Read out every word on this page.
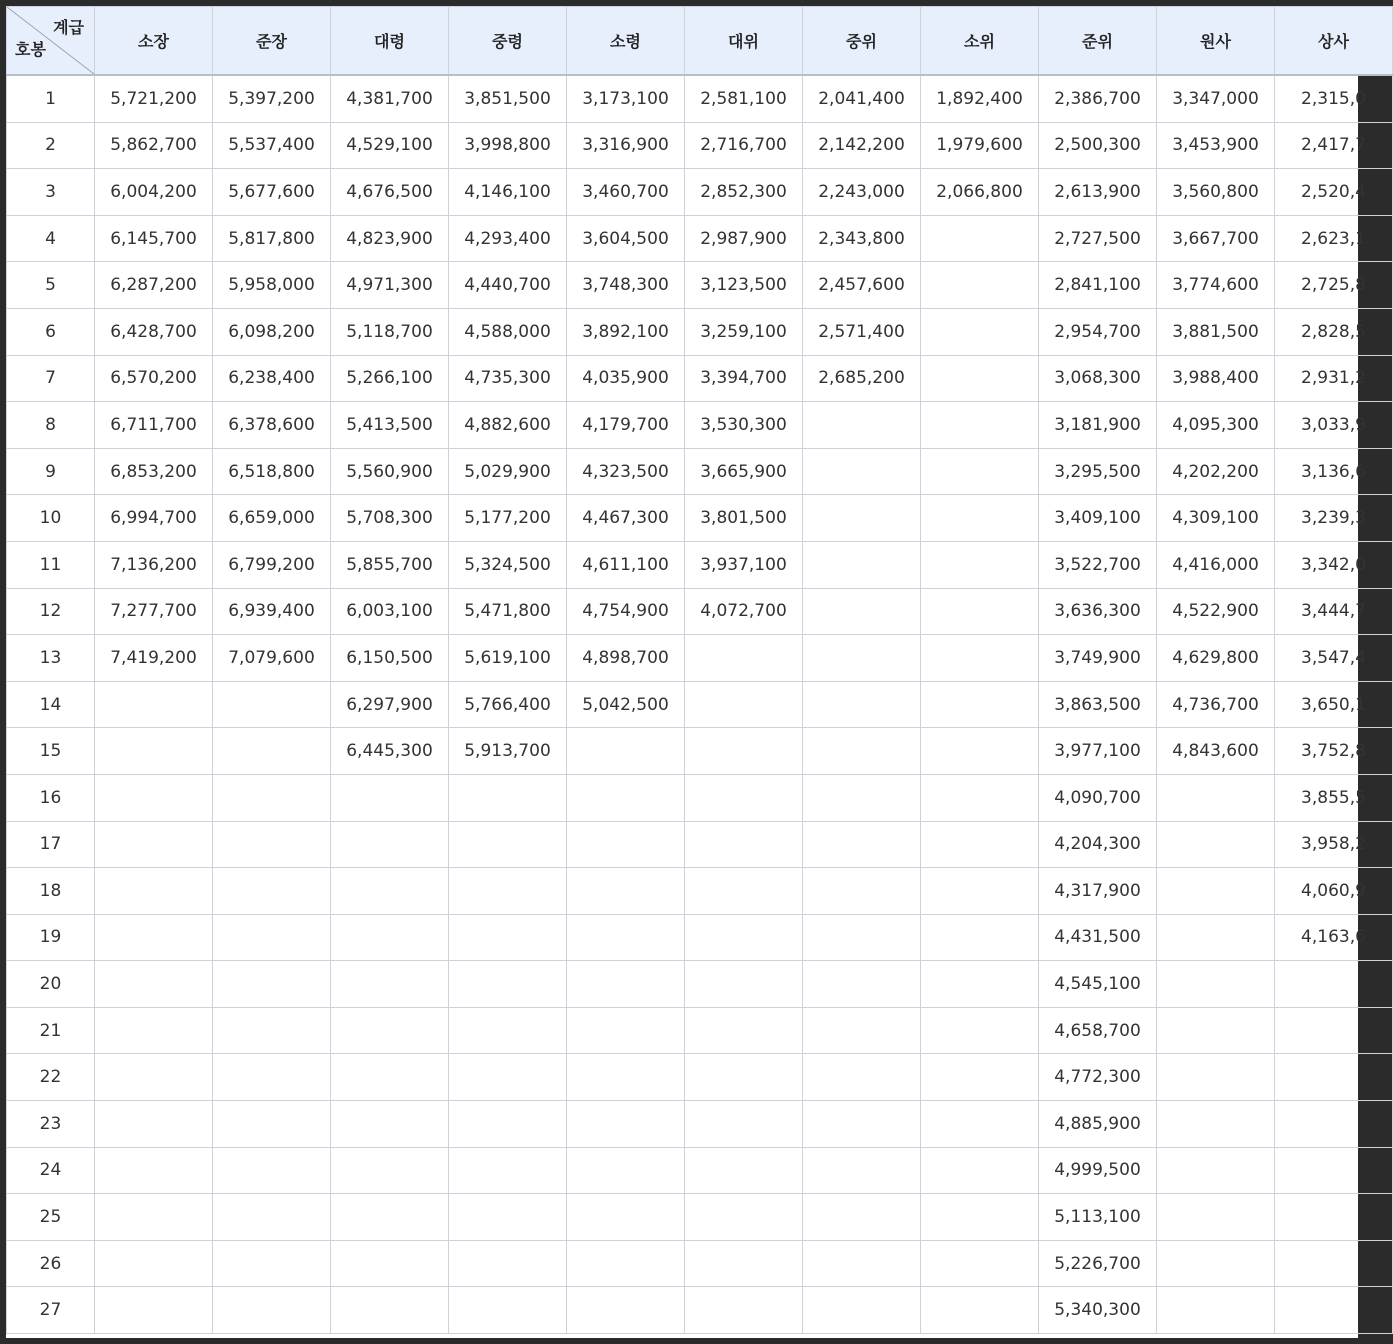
계급
호봉	소장	준장	대령	중령	소령	대위	중위	소위	준위	원사	상사
1	5,721,200	5,397,200	4,381,700	3,851,500	3,173,100	2,581,100	2,041,400	1,892,400	2,386,700	3,347,000	2,315,0
2	5,862,700	5,537,400	4,529,100	3,998,800	3,316,900	2,716,700	2,142,200	1,979,600	2,500,300	3,453,900	2,417,7
3	6,004,200	5,677,600	4,676,500	4,146,100	3,460,700	2,852,300	2,243,000	2,066,800	2,613,900	3,560,800	2,520,4
4	6,145,700	5,817,800	4,823,900	4,293,400	3,604,500	2,987,900	2,343,800		2,727,500	3,667,700	2,623,1
5	6,287,200	5,958,000	4,971,300	4,440,700	3,748,300	3,123,500	2,457,600		2,841,100	3,774,600	2,725,8
6	6,428,700	6,098,200	5,118,700	4,588,000	3,892,100	3,259,100	2,571,400		2,954,700	3,881,500	2,828,5
7	6,570,200	6,238,400	5,266,100	4,735,300	4,035,900	3,394,700	2,685,200		3,068,300	3,988,400	2,931,2
8	6,711,700	6,378,600	5,413,500	4,882,600	4,179,700	3,530,300			3,181,900	4,095,300	3,033,9
9	6,853,200	6,518,800	5,560,900	5,029,900	4,323,500	3,665,900			3,295,500	4,202,200	3,136,6
10	6,994,700	6,659,000	5,708,300	5,177,200	4,467,300	3,801,500			3,409,100	4,309,100	3,239,3
11	7,136,200	6,799,200	5,855,700	5,324,500	4,611,100	3,937,100			3,522,700	4,416,000	3,342,0
12	7,277,700	6,939,400	6,003,100	5,471,800	4,754,900	4,072,700			3,636,300	4,522,900	3,444,7
13	7,419,200	7,079,600	6,150,500	5,619,100	4,898,700				3,749,900	4,629,800	3,547,4
14			6,297,900	5,766,400	5,042,500				3,863,500	4,736,700	3,650,1
15			6,445,300	5,913,700					3,977,100	4,843,600	3,752,8
16									4,090,700		3,855,5
17									4,204,300		3,958,2
18									4,317,900		4,060,9
19									4,431,500		4,163,6
20									4,545,100		
21									4,658,700		
22									4,772,300		
23									4,885,900		
24									4,999,500		
25									5,113,100		
26									5,226,700		
27									5,340,300		
